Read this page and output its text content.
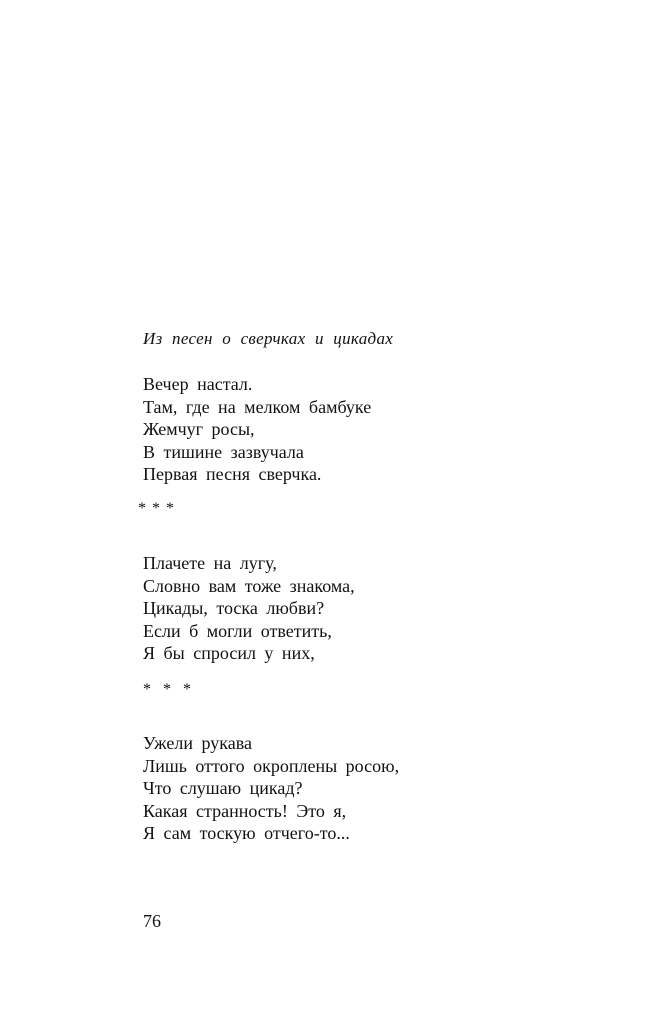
Из песен о сверчках и цикадах
Вечер настал.
Там, где на мелком бамбуке
Жемчуг росы,
В тишине зазвучала
Первая песня сверчка.
* * *
Плачете на лугу,
Словно вам тоже знакома,
Цикады, тоска любви?
Если б могли ответить,
Я бы спросил у них,
* * *
Ужели рукава
Лишь оттого окроплены росою,
Что слушаю цикад?
Какая странность! Это я,
Я сам тоскую отчего-то...
76
